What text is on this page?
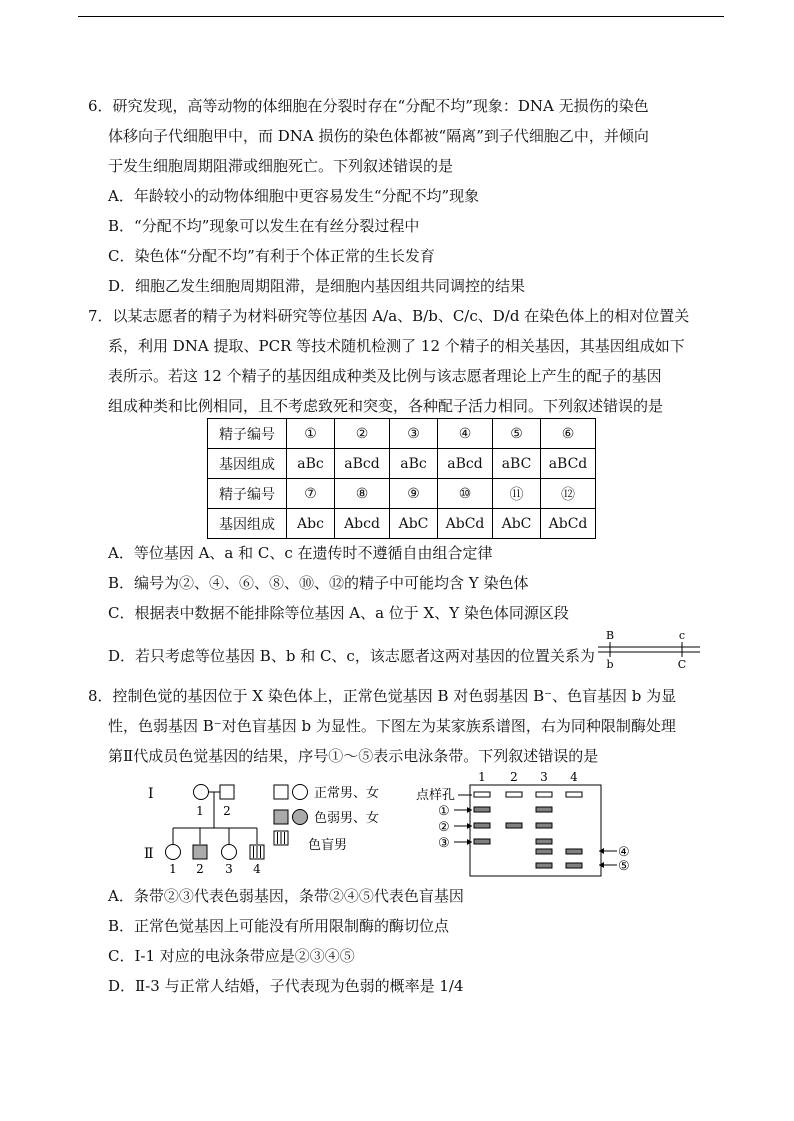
6．研究发现，高等动物的体细胞在分裂时存在“分配不均”现象：DNA 无损伤的染色
体移向子代细胞甲中，而 DNA 损伤的染色体都被“隔离”到子代细胞乙中，并倾向
于发生细胞周期阻滞或细胞死亡。下列叙述错误的是
A．年龄较小的动物体细胞中更容易发生“分配不均”现象
B．“分配不均”现象可以发生在有丝分裂过程中
C．染色体“分配不均”有利于个体正常的生长发育
D．细胞乙发生细胞周期阻滞，是细胞内基因组共同调控的结果
7．以某志愿者的精子为材料研究等位基因 A/a、B/b、C/c、D/d 在染色体上的相对位置关
系，利用 DNA 提取、PCR 等技术随机检测了 12 个精子的相关基因，其基因组成如下
表所示。若这 12 个精子的基因组成种类及比例与该志愿者理论上产生的配子的基因
组成种类和比例相同，且不考虑致死和突变，各种配子活力相同。下列叙述错误的是
精子编号	①	②	③	④	⑤	⑥
基因组成	aBc	aBcd	aBc	aBcd	aBC	aBCd
精子编号	⑦	⑧	⑨	⑩	⑪	⑫
基因组成	Abc	Abcd	AbC	AbCd	AbC	AbCd
A．等位基因 A、a 和 C、c 在遗传时不遵循自由组合定律
B．编号为②、④、⑥、⑧、⑩、⑫的精子中可能均含 Y 染色体
C．根据表中数据不能排除等位基因 A、a 位于 X、Y 染色体同源区段
D．若只考虑等位基因 B、b 和 C、c，该志愿者这两对基因的位置关系为
B	c
b	C
8．控制色觉的基因位于 X 染色体上，正常色觉基因 B 对色弱基因 B⁻、色盲基因 b 为显
性，色弱基因 B⁻对色盲基因 b 为显性。下图左为某家族系谱图，右为同种限制酶处理
第Ⅱ代成员色觉基因的结果，序号①～⑤表示电泳条带。下列叙述错误的是
Ⅰ
Ⅱ
1 2
1 2 3 4
正常男、女
色弱男、女
色盲男
1 2 3 4
点样孔
①
②
③
④
⑤
A．条带②③代表色弱基因，条带②④⑤代表色盲基因
B．正常色觉基因上可能没有所用限制酶的酶切位点
C．Ⅰ-1 对应的电泳条带应是②③④⑤
D．Ⅱ-3 与正常人结婚，子代表现为色弱的概率是 1/4
